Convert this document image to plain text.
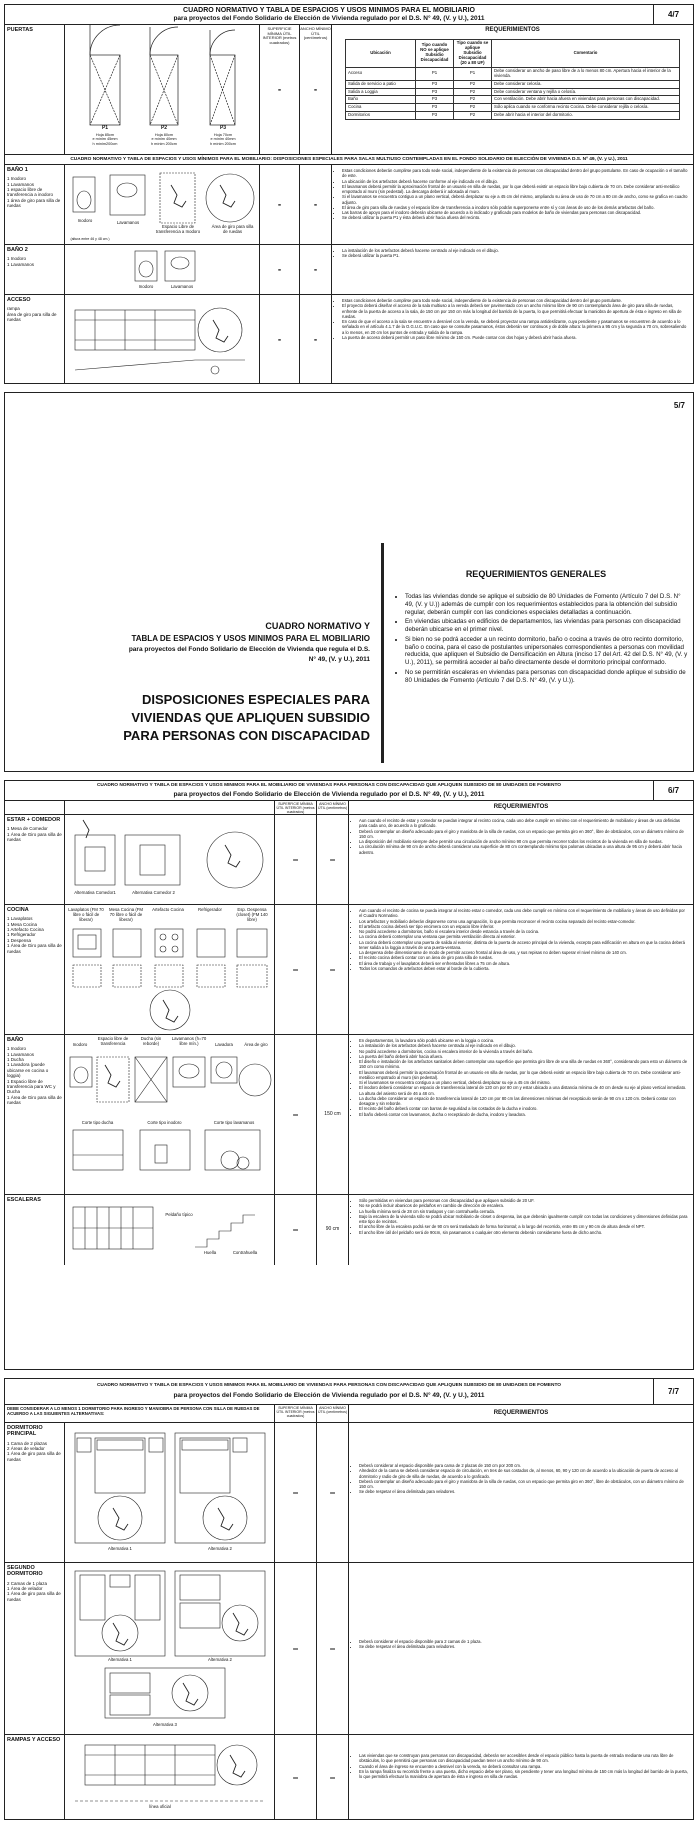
CUADRO NORMATIVO Y TABLA DE ESPACIOS Y USOS MINIMOS PARA EL MOBILIARIO
para proyectos del Fondo Solidario de Elección de Vivienda regulado por el D.S. N° 49, (V. y U.), 2011	4/7
PUERTAS
P1	P2	P3
Hoja 85cm
e mínim 45mm
h mínim200cm
Hoja 80cm
e mínim 40mm
h mínim 200cm
Hoja 70cm
e mínim 40mm
h mínim 200cm
SUPERFICIE MÍNIMA ÚTIL INTERIOR (metros cuadrados)
-
ANCHO MÍNIMO ÚTIL (centímetros)
-
REQUERIMIENTOS
Ubicación	Tipo cuando NO se aplique Subsidio Discapacidad	Tipo cuando se aplique Subsidio Discapacidad (20 a 80 UF)	Comentario
Acceso	P1	P1	Debe considerar un ancho de paso libre de a lo menos 80 cm. Apertura hacia el interior de la vivienda.
Salida de servicio a patio	P3	P2	Debe considerar celosía.
Salida a Loggia	P3	P2	Debe considerar ventana y rejilla o celosía.
Baño	P3	P2	Con ventilación. Debe abrir hacia afuera en viviendas para personas con discapacidad.
Cocina	P3	P2	Sólo aplica cuando se conforma recinto Cocina. Debe considerar rejilla o celosía.
Dormitorios	P3	P2	Debe abrir hacia el interior del dormitorio.
CUADRO NORMATIVO Y TABLA DE ESPACIOS Y USOS MÍNIMOS PARA EL MOBILIARIO: DISPOSICIONES ESPECIALES PARA SALAS MULTIUSO CONTEMPLADAS EN EL FONDO SOLIDARIO DE ELECCIÓN DE VIVIENDA D.S. Nº 49, (V. y U.), 2011
BAÑO 1
1 Inodoro
1 Lavamanos
1 espacio libre de transferencia a inodoro
1 área de giro para silla de ruedas
Inodoro	Lavamanos
Espacio Libre de transferencia a Inodoro
Área de giro para silla de ruedas
(altura entre 46 y 48 cm.)
-	-
• Estas condiciones deberán cumplirse para todo sede social, independiente de la existencia de personas con discapacidad dentro del grupo postulante. En caso de ocupación o el tamaño de este.
• La ubicación de los artefactos deberá hacerse conforme al eje indicado en el dibujo.
• El lavamanos deberá permitir la aproximación frontal de un usuario en silla de ruedas, por lo que deberá existir un espacio libre bajo cubierta de 70 cm. Debe considerar anti-metálico empotrado al muro (sin pedestal). La descarga deberá ir adosada al muro.
• Si el lavamanos se encuentra contiguo a un plano vertical, deberá desplazar su eje a 45 cm del mismo, ampliando su área de uso de 70 cm a 80 cm de ancho, como se grafica en cuadro adjunto.
• El área de giro para silla de ruedas y el espacio libre de transferencia a inodoro sólo podrán superponerse entre sí y con áreas de uso de los demás artefactos del baño.
• Las barras de apoyo para el inodoro deberán ubicarse de acuerdo a lo indicado y graficado para modelos de baño de viviendas para personas con discapacidad.
• Se deberá utilizar la puerta P1 y ésta deberá abrir hacia afuera del recinto.
BAÑO 2
1 Inodoro
1 Lavamanos
Inodoro	Lavamanos
-	-
• La instalación de los artefactos deberá hacerse centrado al eje indicado en el dibujo.
• Se deberá utilizar la puerta P1.
ACCESO
rampa
área de giro para silla de ruedas
-	-
• Estas condiciones deberán cumplirse para todo sede social, independiente de la existencia de personas con discapacidad dentro del grupo postulante.
• El proyecto deberá diseñar el acceso de la sala multiuso a la vereda deberá ser pavimentado con un ancho mínimo libre de 90 cm contemplando área de giro para silla de ruedas, enfrente de la puerta de acceso a la sala, de 150 cm por 150 cm más la longitud del barrido de la puerta, lo que permitirá efectuar la maniobra de apertura de ésta e ingreso en silla de ruedas.
• En caso de que el acceso a la sala se encuentre a desnivel con la vereda, se deberá proyectar una rampa antideslizante, cuya pendiente y pasamanos se encuentren de acuerdo a lo señalado en el artículo 4.1.7 de la O.G.U.C. En caso que se consulte pasamanos, éstos deberán ser continuos y de doble altura: la primera a 95 cm y la segunda a 70 cm, sobresaliendo a lo menos, en 20 cm los puntos de entrada y salida de la rampa.
• La puerta de acceso deberá permitir un paso libre mínimo de 150 cm. Puede contar con dos hojas y deberá abrir hacia afuera.
5/7
REQUERIMIENTOS GENERALES
• Todas las viviendas donde se aplique el subsidio de 80 Unidades de Fomento (Artículo 7 del D.S. N° 49, (V. y U.)) además de cumplir con los requerimientos establecidos para la obtención del subsidio regular, deberán cumplir con las condiciones especiales detalladas a continuación.
• En viviendas ubicadas en edificios de departamentos, las viviendas para personas con discapacidad deberán ubicarse en el primer nivel.
• Si bien no se podrá acceder a un recinto dormitorio, baño o cocina a través de otro recinto dormitorio, baño o cocina, para el caso de postulantes unipersonales correspondientes a personas con movilidad reducida, que apliquen el Subsidio de Densificación en Altura (inciso 17 del Art. 42 del D.S. N° 49, (V. y U.), 2011), se permitirá acceder al baño directamente desde el dormitorio principal conformado.
• No se permitirán escaleras en viviendas para personas con discapacidad donde aplique el subsidio de 80 Unidades de Fomento (Artículo 7 del D.S. N° 49, (V. y U.)).
CUADRO NORMATIVO Y
TABLA DE ESPACIOS Y USOS MINIMOS PARA EL MOBILIARIO
para proyectos del Fondo Solidario de Elección de Vivienda que regula el D.S.
N° 49, (V. y U.), 2011
DISPOSICIONES ESPECIALES PARA
VIVIENDAS QUE APLIQUEN SUBSIDIO
PARA PERSONAS CON DISCAPACIDAD
CUADRO NORMATIVO Y TABLA DE ESPACIOS Y USOS MINIMOS PARA EL MOBILIARIO DE VIVIENDAS PARA PERSONAS CON DISCAPACIDAD QUE APLIQUEN SUBSIDIO DE 80 UNIDADES DE FOMENTO
para proyectos del Fondo Solidario de Elección de Vivienda regulado por el D.S. N° 49, (V. y U.), 2011	6/7
SUPERFICIE MÍNIMA ÚTIL INTERIOR (metros cuadrados)
ANCHO MÍNIMO ÚTIL (centímetros)	REQUERIMIENTOS
ESTAR + COMEDOR
1 Mesa de Comedor
1 Área de Giro para silla de ruedas
Alternativa Comedor1	Alternativa Comedor 2
–	–
• Aun cuando el recinto de estar y comedor se puedan integrar al recinto cocina, cada uno debe cumplir en mínimo con el requerimiento de mobiliario y áreas de uso definidas para cada uno, de acuerdo a lo graficado.
• Deberá contemplar un diseño adecuado para el giro y maniobra de la silla de ruedas, con un espacio que permita giro en 360°, libre de obstáculos, con un diámetro mínimo de 150 cm.
• La disposición del mobiliario siempre debe permitir una circulación de ancho mínimo 90 cm que permita recorrer todos los recintos de la vivienda en silla de ruedas.
• La circulación mínima de 90 cm de ancho deberá considerar una superficie de 80 cm contemplando mínimo tipo palomas ubicadas a una altura de 95 cm y deberá abrir hacia adentro.
COCINA
1 Lavaplatos
1 Mesa Cocina
1 Artefacto Cocina
1 Refrigerador
1 Despensa
1 Área de Giro para silla de ruedas
Lavaplatos (FM 70 libre o fácil de liberar)
Mesa Cocina (FM 70 libre o fácil de liberar)
Artefacto Cocina	Refrigerador	Esp. Despensa (closet) (FM 140 libre)
–	–
• Aun cuando el recinto de cocina se pueda integrar al recinto estar o comedor, cada uno debe cumplir en mínimo con el requerimiento de mobiliario y áreas de uso definidas por el Cuadro Normativo.
• Los artefactos y mobiliario deberán disponerse como una agrupación, lo que permita reconocer el recinto cocina separado del recinto estar-comedor.
• El artefacto cocina deberá ser tipo encimera con un espacio libre inferior.
• No podrá accederse a dormitorios, baño ni escalera interior desde estancia a través de la cocina.
• La cocina deberá contemplar una ventana que permita ventilación directa al exterior.
• La cocina deberá contemplar una puerta de salida al exterior, distinta de la puerta de acceso principal de la vivienda, excepto para edificación en altura en que la cocina deberá tener salida a la loggia a través de una puerta-ventana.
• La despensa debe dimensionarse de modo de permitir acceso frontal al área de uso, y sus repisas no deben superar el nivel mínimo de 140 cm.
• El recinto cocina deberá contar con un área de giro para silla de ruedas.
• El área de trabajo y el lavaplatos deberá ser enfrentados libres a 75 cm de altura.
• Todos los comandos de artefactos deben estar al borde de la cubierta.
BAÑO
1 Inodoro
1 Lavamanos
1 Ducha
1 Lavadora (puede ubicarse en cocina o loggia)
1 Espacio libre de transferencia para WC y Ducha
1 Área de Giro para silla de ruedas
Inodoro
Espacio libre de transferencia
Ducha (sin reborde)
Lavamanos (h=70 libre mín.)	Lavadora	Área de giro
Corte tipo ducha	Corte tipo inodoro	Corte tipo lavamanos
–	150 cm
• En departamentos, la lavadora sólo podrá ubicarse en la loggia o cocina.
• La instalación de los artefactos deberá hacerse centrada al eje indicado en el dibujo.
• No podrá accederse a dormitorios, cocina ni escalera interior de la vivienda a través del baño.
• La puerta del baño deberá abrir hacia afuera.
• El diseño e instalación de los artefactos sanitarios deben contemplar una superficie que permita giro libre de una silla de ruedas en 360°, considerando para esto un diámetro de 150 cm como mínimo.
• El lavamanos deberá permitir la aproximación frontal de un usuario en silla de ruedas, por lo que deberá existir un espacio libre bajo cubierta de 70 cm. Debe considerar anti-metálico empotrado al muro (sin pedestal).
• Si el lavamanos se encuentra contiguo a un plano vertical, deberá desplazar su eje a 45 cm del mismo.
• El inodoro deberá considerar un espacio de transferencia lateral de 120 cm por 80 cm y estar ubicado a una distancia mínima de 40 cm desde su eje al plano vertical inmediato. La altura del asiento será de 46 a 48 cm.
• La ducha debe considerar un espacio de transferencia lateral de 120 cm por 80 cm las dimensiones mínimas del receptáculo serán de 90 cm x 120 cm. Deberá contar con desagüe y sin reborde.
• El recinto del baño deberá contar con barras de seguridad a los costados de la ducha e inodoro.
• El baño deberá contar con lavamanos, ducha o receptáculo de ducha, inodoro y lavadora.
ESCALERAS
Peldaño típico
Huella	Contrahuella
–	90 cm
• Sólo permitidas en viviendas para personas con discapacidad que apliquen subsidio de 20 UF.
• No se podrá incluir abanicos de peldaños en cambio de dirección de escalera.
• La huella mínima será de 28 cm sin traslapos y con contrahuella cerrada.
• Bajo la escalera de la vivienda sólo se podrá ubicar mobiliario de closet o despensa, las que deberán igualmente cumplir con todas las condiciones y dimensiones definidas para este tipo de recintos.
• El ancho libre de la escalera podrá ser de 90 cm será trasladado de forma horizontal; a lo largo del recorrido, entre 85 cm y 90 cm de altura desde el NPT.
• El ancho libre útil del peldaño será de 90cm, sin pasamanos o cualquier otro elemento deberán considerarse fuera de dicho ancho.
CUADRO NORMATIVO Y TABLA DE ESPACIOS Y USOS MINIMOS PARA EL MOBILIARIO DE VIVIENDAS PARA PERSONAS CON DISCAPACIDAD QUE APLIQUEN SUBSIDIO DE 80 UNIDADES DE FOMENTO
para proyectos del Fondo Solidario de Elección de Vivienda regulado por el D.S. N° 49, (V. y U.), 2011	7/7
DEBE CONSIDERAR A LO MENOS 1 DORMITORIO PARA INGRESO Y MANIOBRA DE PERSONA CON SILLA DE RUEDAS DE ACUERDO A LAS SIGUIENTES ALTERNATIVAS:
SUPERFICIE MÍNIMA ÚTIL INTERIOR (metros cuadrados)
ANCHO MÍNIMO ÚTIL (centímetros)	REQUERIMIENTOS
DORMITORIO PRINCIPAL
1 Cama de 2 plazas
2 Áreas de velador
1 Área de giro para silla de ruedas
Alternativa 1	Alternativa 2
–	–
• Deberá considerar al espacio disponible para cama de 2 plazas de 150 cm por 200 cm.
• Alrededor de la cama se deberá considerar espacio de circulación, en tres de sus costados de, al menos, 60, 90 y 120 cm de acuerdo a la ubicación de puerta de acceso al dormitorio y radio de giro de silla de ruedas, de acuerdo a lo graficado.
• Deberá contemplar un diseño adecuado para el giro y maniobra de la silla de ruedas, con un espacio que permita giro en 360°, libre de obstáculos, con un diámetro mínimo de 150 cm.
• Se debe respetar el área delimitada para veladores.
SEGUNDO DORMITORIO
2 Camas de 1 plaza
1 Área de velador
1 Área de giro para silla de ruedas
Alternativa 1	Alternativa 2
Alternativa 3
–	–
• Deberá considerar el espacio disponible para 2 camas de 1 plaza.
• Se debe respetar el área delimitada para veladores.
RAMPAS Y ACCESO
línea oficial
–	–
• Las viviendas que se construyan para personas con discapacidad, deberán ser accesibles desde el espacio público hasta la puerta de entrada mediante una ruta libre de obstáculos, lo que permitirá que personas con discapacidad puedan tener un ancho mínimo de 90 cm.
• Cuando el área de ingreso se encuentre a desnivel con la vereda, se deberá consultar una rampa.
• En la rampa finaliza su recorrido frente a una puerta, dicho espacio debe ser plano, sin pendiente y tener una longitud mínima de 150 cm más la longitud del barrido de la puerta, lo que permitirá efectuar la maniobra de apertura de ésta e ingreso en silla de ruedas.
